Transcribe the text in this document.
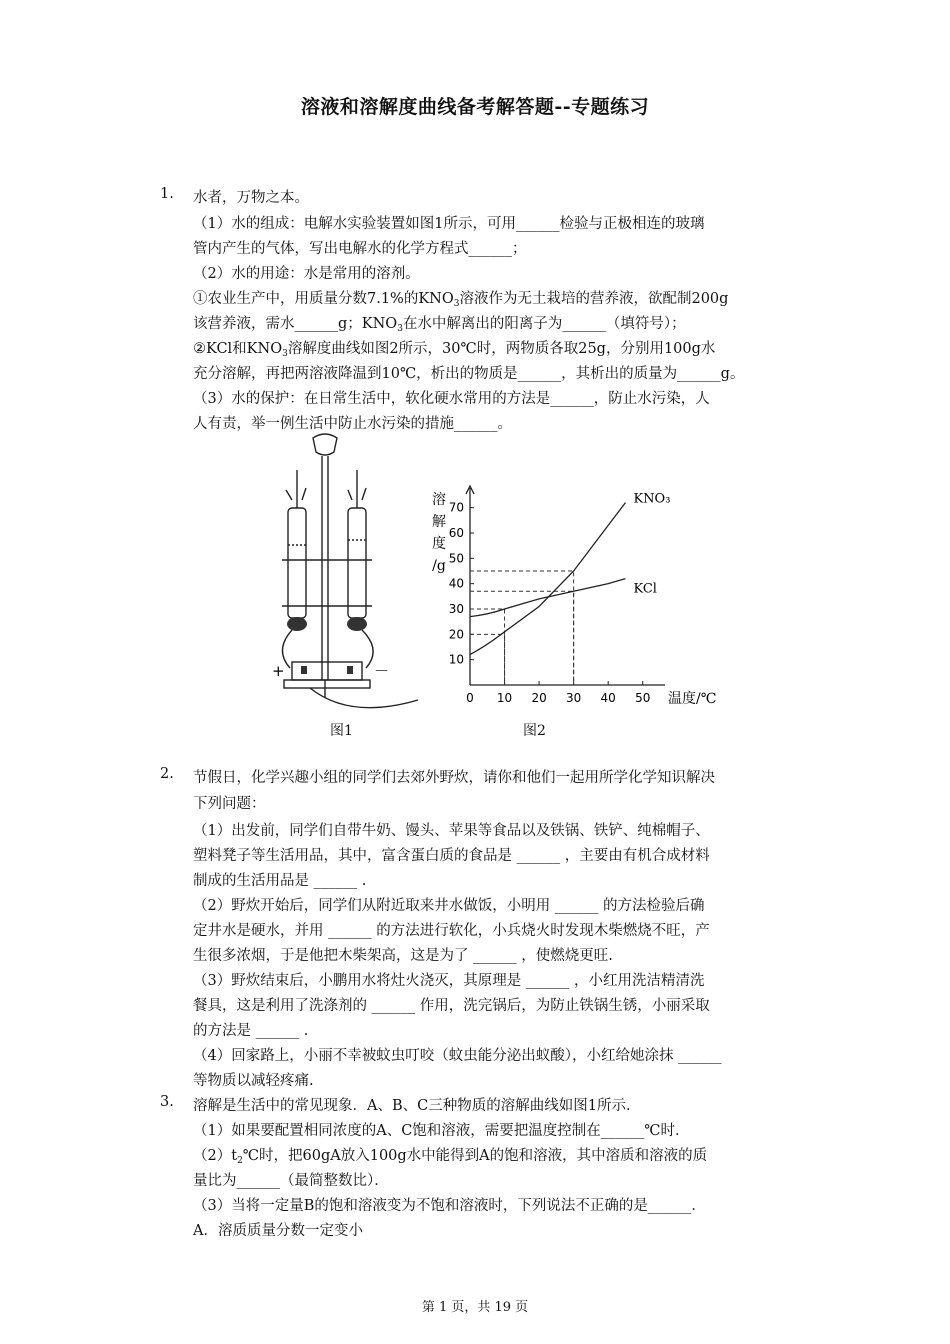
溶液和溶解度曲线备考解答题--专题练习
1. 水者，万物之本。
（1）水的组成：电解水实验装置如图1所示，可用______检验与正极相连的玻璃
管内产生的气体，写出电解水的化学方程式______；
（2）水的用途：水是常用的溶剂。
①农业生产中，用质量分数7.1%的$KNO_3$溶液作为无土栽培的营养液，欲配制200g
该营养液，需水______g；$KNO_3$在水中解离出的阳离子为______（填符号）；
②KCl和$KNO_3$溶解度曲线如图2所示，30℃时，两物质各取25g，分别用100g水
充分溶解，再把两溶液降温到10℃，析出的物质是______，其析出的质量为______g。
（3）水的保护：在日常生活中，软化硬水常用的方法是______，防止水污染，人
人有责，举一例生活中防止水污染的措施______。
+	－
图1
0 10 20 30 40 50
10
20
30
40
50
60
70
KNO₃
KCl
溶
解
度
/g
温度/℃
图2
2. 节假日，化学兴趣小组的同学们去郊外野炊，请你和他们一起用所学化学知识解决
下列问题：
（1）出发前，同学们自带牛奶、馒头、苹果等食品以及铁锅、铁铲、纯棉帽子、
塑料凳子等生活用品，其中，富含蛋白质的食品是 ______ ，主要由有机合成材料
制成的生活用品是 ______ .
（2）野炊开始后，同学们从附近取来井水做饭，小明用 ______ 的方法检验后确
定井水是硬水，并用 ______ 的方法进行软化，小兵烧火时发现木柴燃烧不旺，产
生很多浓烟，于是他把木柴架高，这是为了 ______ ，使燃烧更旺.
（3）野炊结束后，小鹏用水将灶火浇灭，其原理是 ______ ，小红用洗洁精清洗
餐具，这是利用了洗涤剂的 ______ 作用，洗完锅后，为防止铁锅生锈，小丽采取
的方法是 ______ .
（4）回家路上，小丽不幸被蚊虫叮咬（蚊虫能分泌出蚁酸），小红给她涂抹 ______
等物质以减轻疼痛.
3. 溶解是生活中的常见现象．A、B、C三种物质的溶解曲线如图1所示．
（1）如果要配置相同浓度的A、C饱和溶液，需要把温度控制在______℃时．
$(2)t_2℃$时，把60gA放入100g水中能得到A的饱和溶液，其中溶质和溶液的质
量比为______（最简整数比）．
（3）当将一定量B的饱和溶液变为不饱和溶液时，下列说法不正确的是______．
A．溶质质量分数一定变小
第 1 页，共 19 页
